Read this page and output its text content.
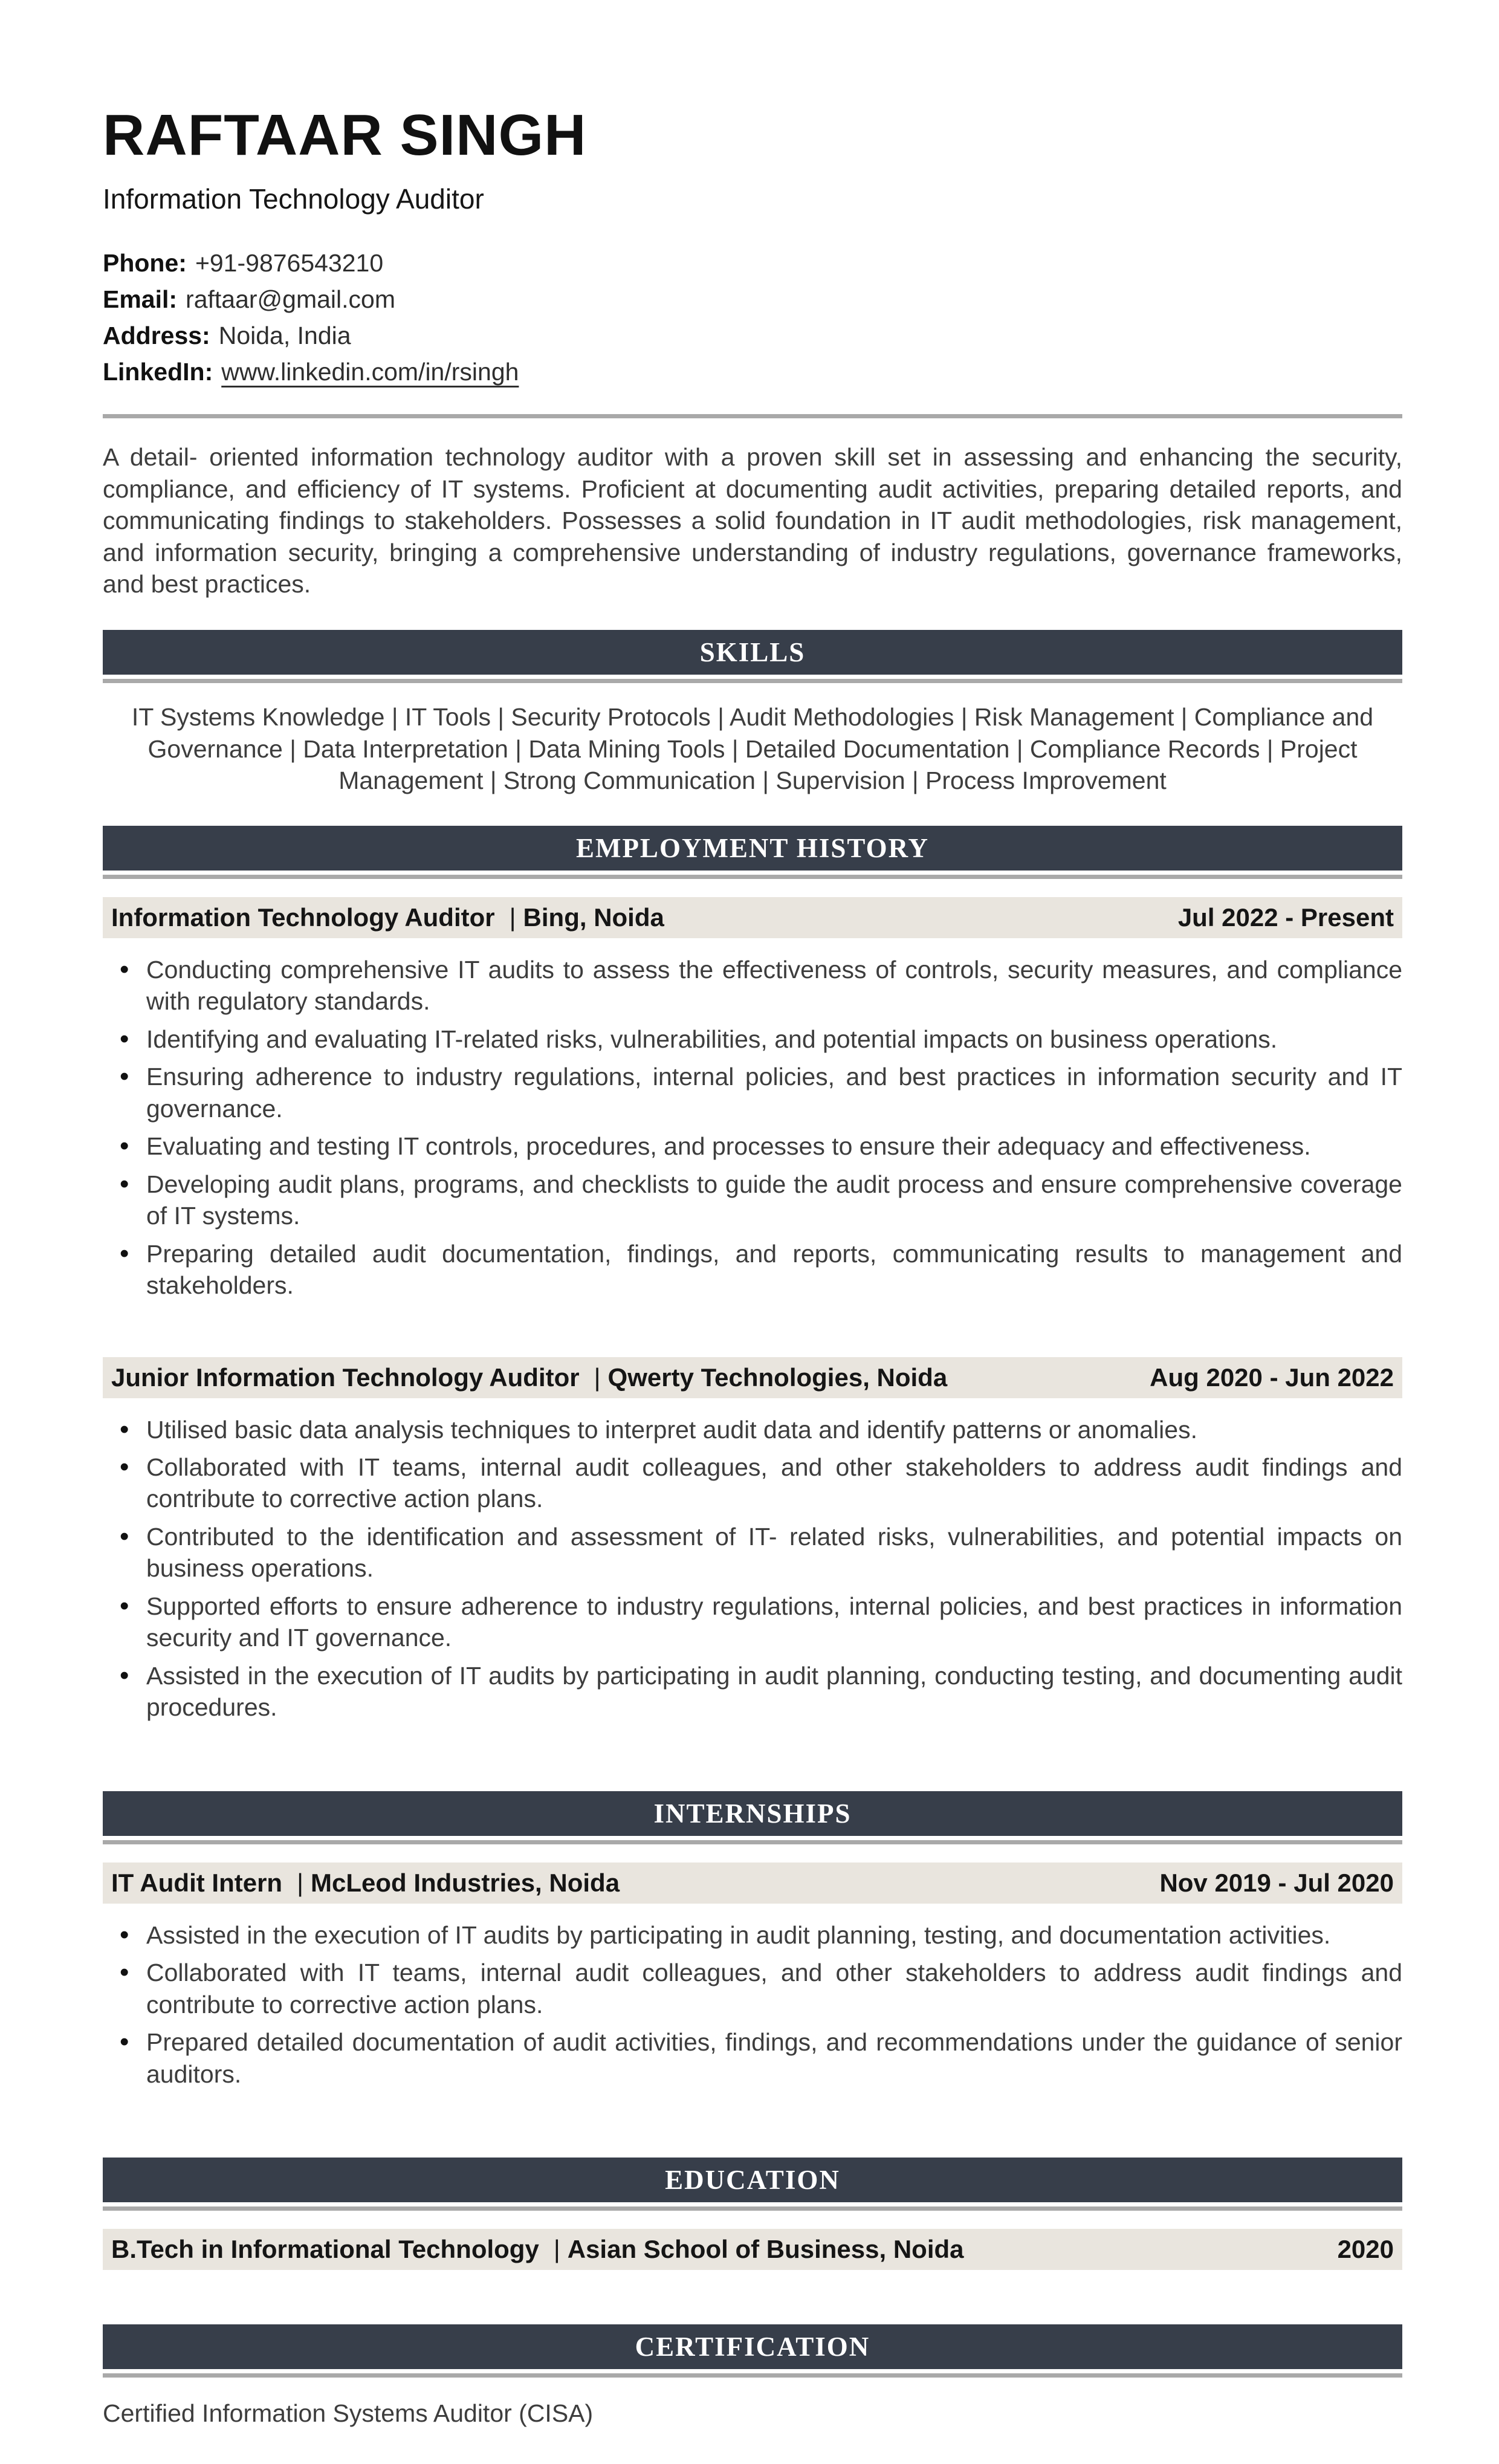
RAFTAAR SINGH
Information Technology Auditor
Phone: +91-9876543210
Email: raftaar@gmail.com
Address: Noida, India
LinkedIn: www.linkedin.com/in/rsingh

A detail- oriented information technology auditor with a proven skill set in assessing and enhancing the security, compliance, and efficiency of IT systems. Proficient at documenting audit activities, preparing detailed reports, and communicating findings to stakeholders. Possesses a solid foundation in IT audit methodologies, risk management, and information security, bringing a comprehensive understanding of industry regulations, governance frameworks, and best practices.

SKILLS

IT Systems Knowledge | IT Tools | Security Protocols | Audit Methodologies | Risk Management | Compliance and Governance | Data Interpretation | Data Mining Tools | Detailed Documentation | Compliance Records | Project Management | Strong Communication | Supervision | Process Improvement

EMPLOYMENT HISTORY
Information Technology Auditor | Bing, Noida	Jul 2022 - Present
• Conducting comprehensive IT audits to assess the effectiveness of controls, security measures, and compliance with regulatory standards.
• Identifying and evaluating IT-related risks, vulnerabilities, and potential impacts on business operations.
• Ensuring adherence to industry regulations, internal policies, and best practices in information security and IT governance.
• Evaluating and testing IT controls, procedures, and processes to ensure their adequacy and effectiveness.
• Developing audit plans, programs, and checklists to guide the audit process and ensure comprehensive coverage of IT systems.
• Preparing detailed audit documentation, findings, and reports, communicating results to management and stakeholders.
Junior Information Technology Auditor | Qwerty Technologies, Noida	Aug 2020 - Jun 2022
• Utilised basic data analysis techniques to interpret audit data and identify patterns or anomalies.
• Collaborated with IT teams, internal audit colleagues, and other stakeholders to address audit findings and contribute to corrective action plans.
• Contributed to the identification and assessment of IT- related risks, vulnerabilities, and potential impacts on business operations.
• Supported efforts to ensure adherence to industry regulations, internal policies, and best practices in information security and IT governance.
• Assisted in the execution of IT audits by participating in audit planning, conducting testing, and documenting audit procedures.
INTERNSHIPS
IT Audit Intern | McLeod Industries, Noida	Nov 2019 - Jul 2020
• Assisted in the execution of IT audits by participating in audit planning, testing, and documentation activities.
• Collaborated with IT teams, internal audit colleagues, and other stakeholders to address audit findings and contribute to corrective action plans.
• Prepared detailed documentation of audit activities, findings, and recommendations under the guidance of senior auditors.
EDUCATION
B.Tech in Informational Technology | Asian School of Business, Noida	2020
CERTIFICATION

Certified Information Systems Auditor (CISA)
